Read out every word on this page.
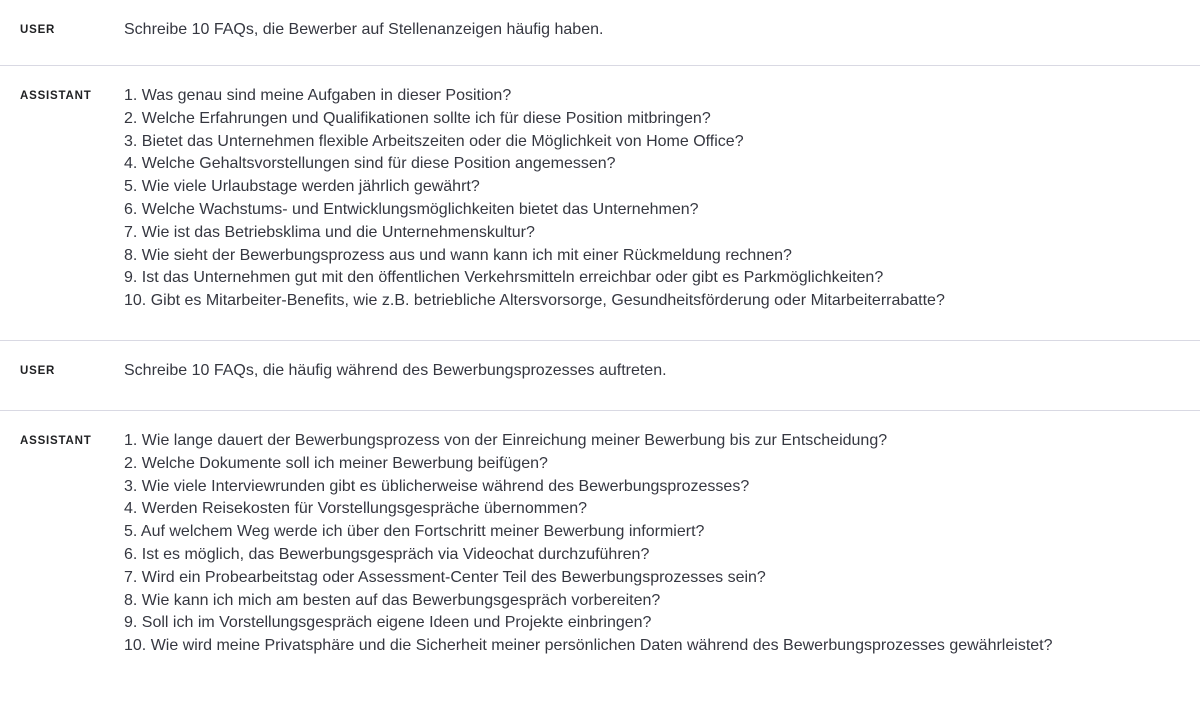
USER	Schreibe 10 FAQs, die Bewerber auf Stellenanzeigen häufig haben.
ASSISTANT	1. Was genau sind meine Aufgaben in dieser Position?
2. Welche Erfahrungen und Qualifikationen sollte ich für diese Position mitbringen?
3. Bietet das Unternehmen flexible Arbeitszeiten oder die Möglichkeit von Home Office?
4. Welche Gehaltsvorstellungen sind für diese Position angemessen?
5. Wie viele Urlaubstage werden jährlich gewährt?
6. Welche Wachstums- und Entwicklungsmöglichkeiten bietet das Unternehmen?
7. Wie ist das Betriebsklima und die Unternehmenskultur?
8. Wie sieht der Bewerbungsprozess aus und wann kann ich mit einer Rückmeldung rechnen?
9. Ist das Unternehmen gut mit den öffentlichen Verkehrsmitteln erreichbar oder gibt es Parkmöglichkeiten?
10. Gibt es Mitarbeiter-Benefits, wie z.B. betriebliche Altersvorsorge, Gesundheitsförderung oder Mitarbeiterrabatte?
USER	Schreibe 10 FAQs, die häufig während des Bewerbungsprozesses auftreten.
ASSISTANT	1. Wie lange dauert der Bewerbungsprozess von der Einreichung meiner Bewerbung bis zur Entscheidung?
2. Welche Dokumente soll ich meiner Bewerbung beifügen?
3. Wie viele Interviewrunden gibt es üblicherweise während des Bewerbungsprozesses?
4. Werden Reisekosten für Vorstellungsgespräche übernommen?
5. Auf welchem Weg werde ich über den Fortschritt meiner Bewerbung informiert?
6. Ist es möglich, das Bewerbungsgespräch via Videochat durchzuführen?
7. Wird ein Probearbeitstag oder Assessment-Center Teil des Bewerbungsprozesses sein?
8. Wie kann ich mich am besten auf das Bewerbungsgespräch vorbereiten?
9. Soll ich im Vorstellungsgespräch eigene Ideen und Projekte einbringen?
10. Wie wird meine Privatsphäre und die Sicherheit meiner persönlichen Daten während des Bewerbungsprozesses gewährleistet?
